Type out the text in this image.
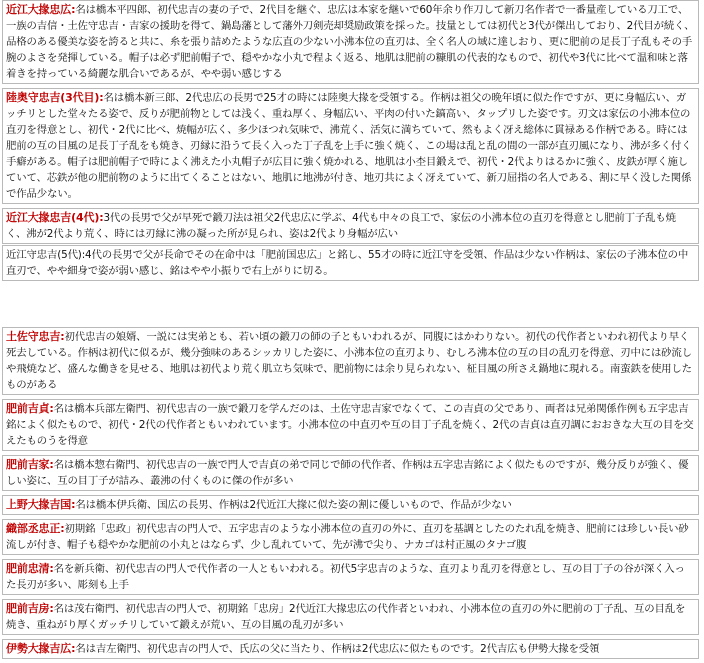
近江大掾忠広:名は橋本平四郎、初代忠吉の妻の子で、2代目を継ぐ、忠広は本家を継いで60年余り作刀して新刀名作者で一番量産している刀工で、一族の吉信・土佐守忠吉・吉家の援助を得て、鍋島藩として藩外刀剣売却奨励政策を採った。技量としては初代と3代が傑出しており、2代目が続く、品格のある優美な姿を誇ると共に、糸を張り詰めたような広直の少ない小沸本位の直刃は、全く名人の域に達しおり、更に肥前の足長丁子乱もその手腕のよさを発揮している。帽子は必ず肥前帽子で、穏やかな小丸で程よく返る、地肌は肥前の糠肌の代表的なもので、初代や3代に比べて温和味と落着きを持っている綺麗な肌合いであるが、やや弱い感じする
陸奥守忠吉(3代目):名は橋本新三郎、2代忠広の長男で25才の時には陸奥大掾を受領する。作柄は祖父の晩年頃に似た作ですが、更に身幅広い、ガッチリとした堂々たる姿で、反りが肥前物としては浅く、重ね厚く、身幅広い、平肉の付いた鎬高い、タップリした姿です。刃文は家伝の小沸本位の直刃を得意とし、初代・2代に比べ、焼幅が広く、多少ほつれ気味で、沸荒く、活気に満ちていて、然もよく冴え総体に貫禄ある作柄である。時には肥前の互の目風の足長丁子乱をも焼き、刃縁に沿うて長く入った丁子乱を上手に強く焼く、この場は乱と乱の間の一部が直刃風になり、沸が多く付く手癖がある。帽子は肥前帽子で時によく沸えた小丸帽子が広目に強く焼かれる、地肌は小杢目鍛えで、初代・2代よりはるかに強く、皮鉄が厚く施していて、芯鉄が他の肥前物のように出てくることはない、地肌に地沸が付き、地刃共によく冴えていて、新刀屈指の名人である、割に早く没した関係で作品少ない。
近江大掾忠吉(4代):3代の長男で父が早死で鍛刀法は祖父2代忠広に学ぶ、4代も中々の良工で、家伝の小沸本位の直刃を得意とし肥前丁子乱も焼く、沸が2代より荒く、時には刃縁に沸の凝った所が見られ、姿は2代より身幅が広い
近江守忠吉(5代):4代の長男で父が長命でその在命中は「肥前国忠広」と銘し、55才の時に近江守を受領、作品は少ない作柄は、家伝の子沸本位の中直刃で、やや細身で姿が弱い感じ、銘はやや小振りで右上がりに切る。
土佐守忠吉:初代忠吉の娘婿、一説には実弟とも、若い頃の鍛刀の師の子ともいわれるが、同腹にはかわりない。初代の代作者といわれ初代より早く死去している。作柄は初代に似るが、幾分強味のあるシッカリした姿に、小沸本位の直刃より、むしろ沸本位の互の目の乱刃を得意、刃中には砂流しや飛焼など、盛んな働きを見せる、地肌は初代より荒く肌立ち気味で、肥前物には余り見られない、柾目風の所さえ鍋地に現れる。南蛮鉄を使用したものがある
肥前吉貞:名は橋本兵部左衛門、初代忠吉の一族で鍛刀を学んだのは、土佐守忠吉家でなくて、この吉貞の父であり、両者は兄弟関係作例も五字忠吉銘によく似たもので、初代・2代の代作者ともいわれています。小沸本位の中直刃や互の目丁子乱を焼く、2代の吉貞は直刃調におおきな大互の目を交えたものうを得意
肥前吉家:名は橋本惣右衛門、初代忠吉の一族で門人で吉貞の弟で同じで師の代作者、作柄は五字忠吉銘によく似たものですが、幾分反りが強く、優しい姿に、互の目丁子が詰み、叢沸の付くものに傑の作が多い
上野大掾吉国:名は橋本伊兵衛、国広の長男、作柄は2代近江大掾に似た姿の割に優しいもので、作品が少ない
織部丞忠正:初期銘「忠政」初代忠吉の門人で、五字忠吉のような小沸本位の直刃の外に、直刃を基調としたのたれ乱を焼き、肥前には珍しい長い砂流しが付き、帽子も穏やかな肥前の小丸とはならず、少し乱れていて、先が沸で尖り、ナカゴは村正風のタナゴ腹
肥前忠清:名を新兵衛、初代忠吉の門人で代作者の一人ともいわれる。初代5字忠吉のような、直刃より乱刃を得意とし、互の目丁子の谷が深く入った長刃が多い、彫刻も上手
肥前吉房:名は茂右衛門、初代忠吉の門人で、初期銘「忠房」2代近江大掾忠広の代作者といわれ、小沸本位の直刃の外に肥前の丁子乱、互の目乱を焼き、重ねがり厚くガッチリしていて鍛えが荒い、互の目風の乱刃が多い
伊勢大掾吉広:名は吉左衛門、初代忠吉の門人で、氏広の父に当たり、作柄は2代忠広に似たものです。2代吉広も伊勢大掾を受領
